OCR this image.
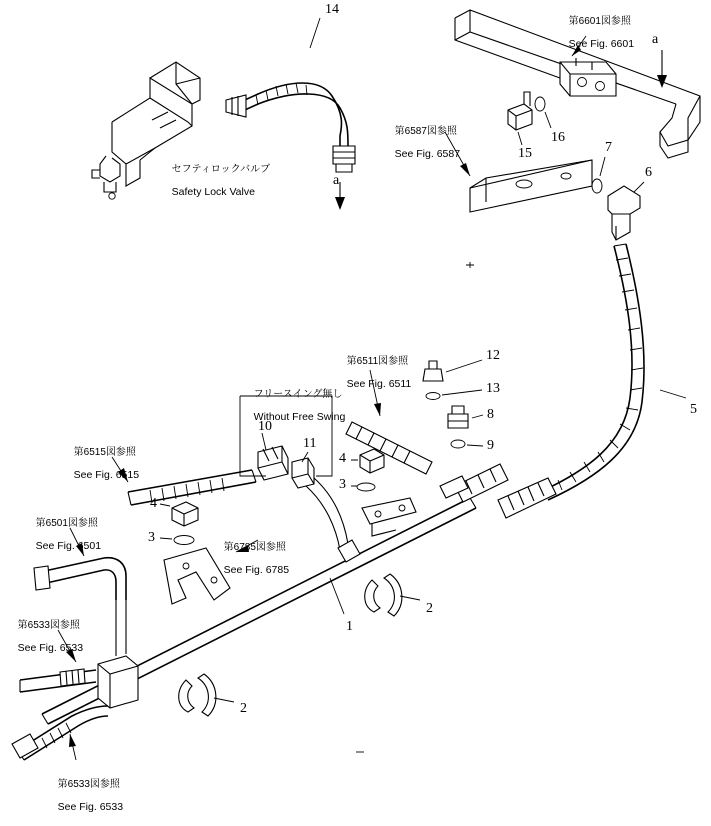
セフティロックバルブ

Safety Lock Valve

第6601図参照

See Fig. 6601

第6587図参照

See Fig. 6587

第6511図参照

See Fig. 6511

フリースイング無し

Without Free Swing

第6515図参照

See Fig. 6515

第6785図参照

See Fig. 6785

第6501図参照

See Fig. 6501

第6533図参照

See Fig. 6533

第6533図参照

See Fig. 6533

14
a
a
16
15	7
6
5
12
13
8
9
10
11
4
3
4
3
1
2
2
